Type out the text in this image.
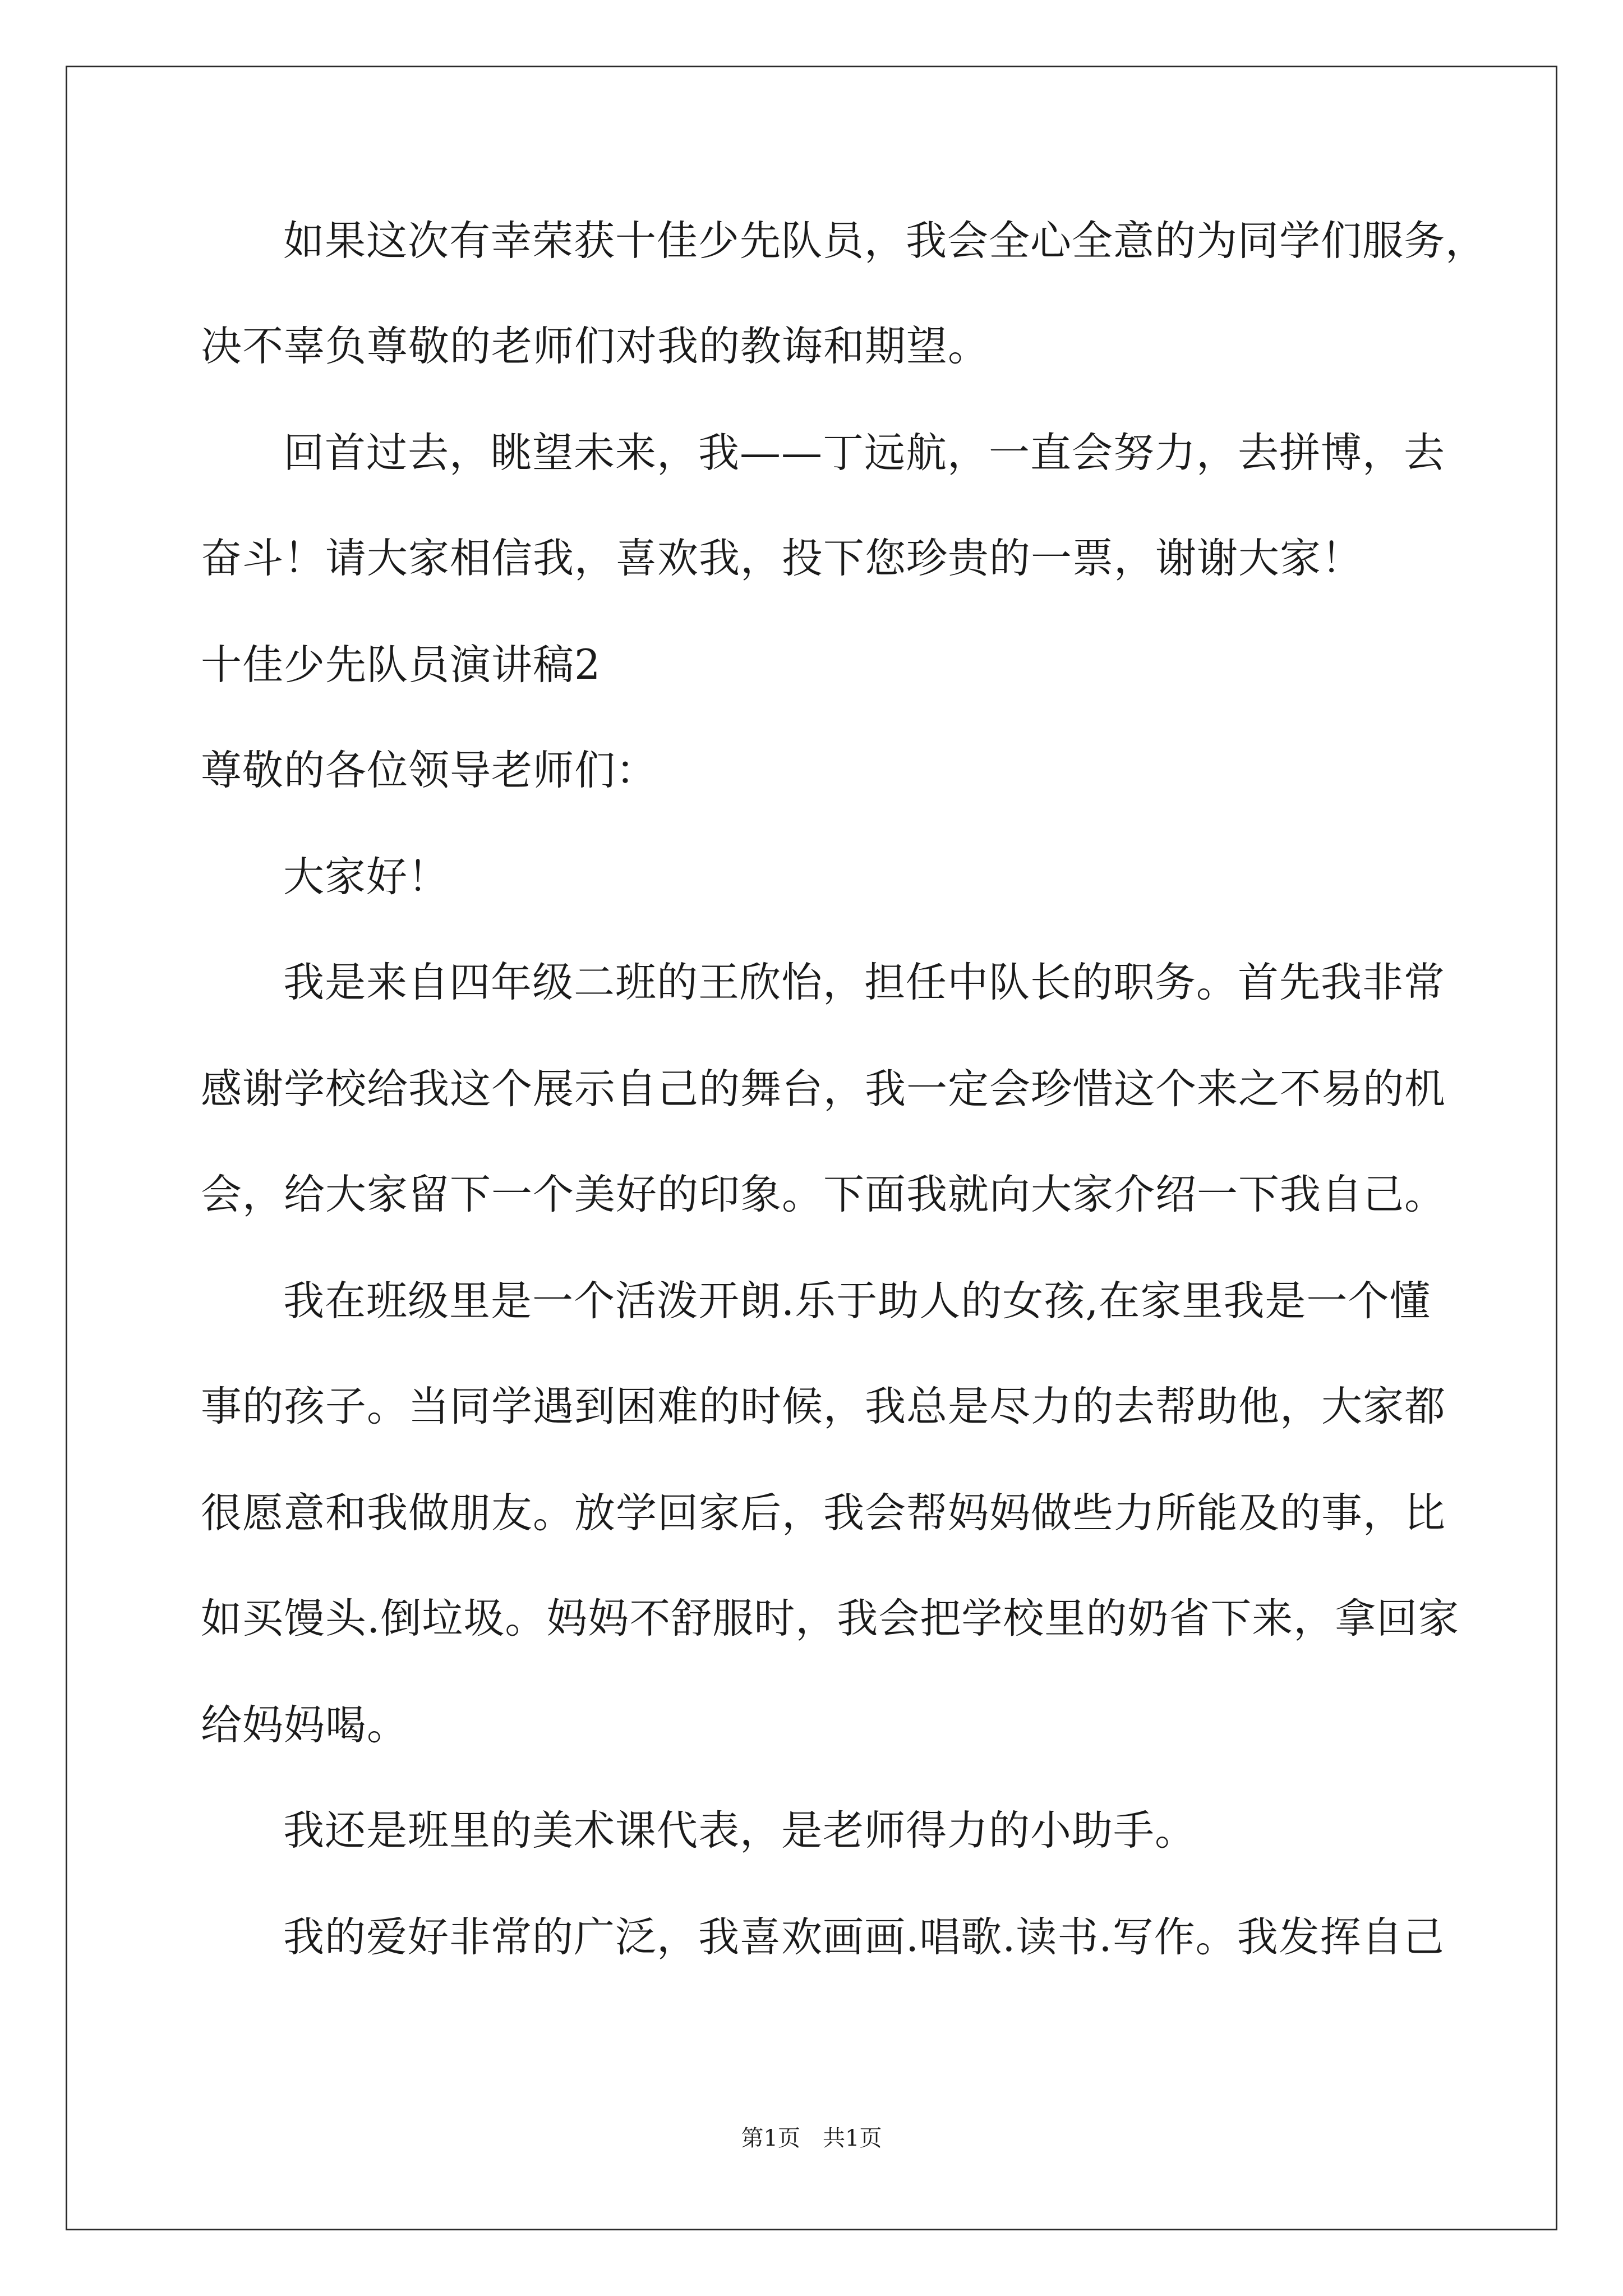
如果这次有幸荣获十佳少先队员，我会全心全意的为同学们服务，
决不辜负尊敬的老师们对我的教诲和期望。
回首过去，眺望未来，我——丁远航，一直会努力，去拼博，去
奋斗！请大家相信我，喜欢我，投下您珍贵的一票，谢谢大家！
十佳少先队员演讲稿2
尊敬的各位领导老师们：
大家好！
我是来自四年级二班的王欣怡，担任中队长的职务。首先我非常
感谢学校给我这个展示自己的舞台，我一定会珍惜这个来之不易的机
会，给大家留下一个美好的印象。下面我就向大家介绍一下我自己。
我在班级里是一个活泼开朗.乐于助人的女孩,在家里我是一个懂
事的孩子。当同学遇到困难的时候，我总是尽力的去帮助他，大家都
很愿意和我做朋友。放学回家后，我会帮妈妈做些力所能及的事，比
如买馒头.倒垃圾。妈妈不舒服时，我会把学校里的奶省下来，拿回家
给妈妈喝。
我还是班里的美术课代表，是老师得力的小助手。
我的爱好非常的广泛，我喜欢画画.唱歌.读书.写作。我发挥自己
第1页 共1页
